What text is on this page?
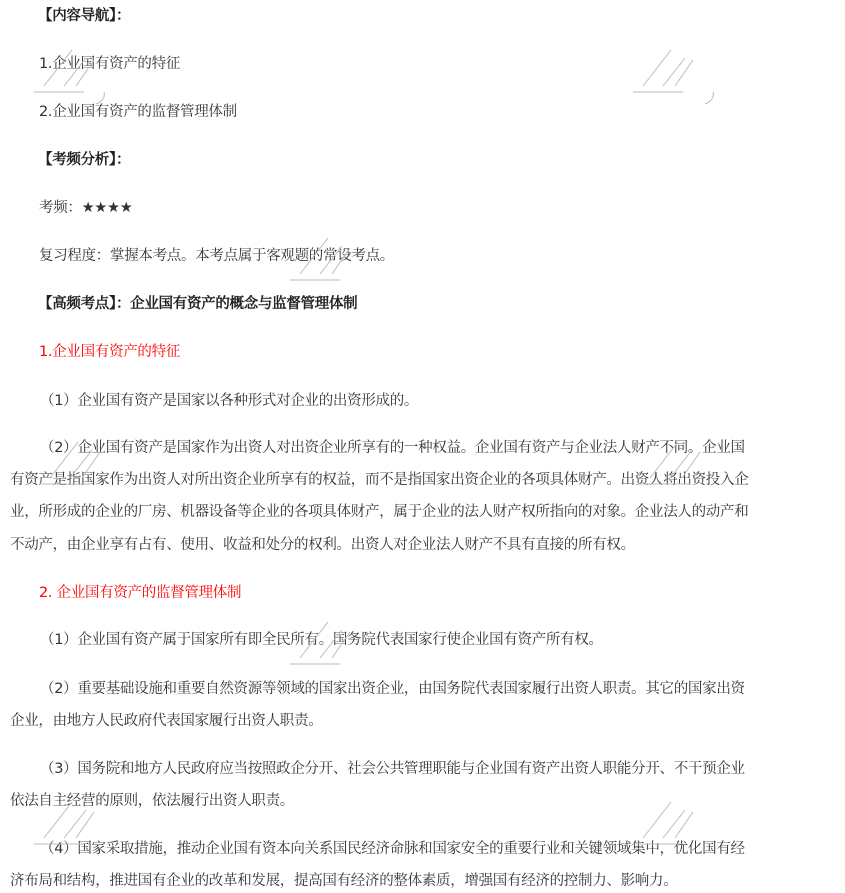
【内容导航】：
1.企业国有资产的特征
2.企业国有资产的监督管理体制
【考频分析】：
考频：★★★★
复习程度：掌握本考点。本考点属于客观题的常设考点。
【高频考点】：企业国有资产的概念与监督管理体制
1.企业国有资产的特征
（1）企业国有资产是国家以各种形式对企业的出资形成的。
（2）企业国有资产是国家作为出资人对出资企业所享有的一种权益。企业国有资产与企业法人财产不同。企业国
有资产是指国家作为出资人对所出资企业所享有的权益，而不是指国家出资企业的各项具体财产。出资人将出资投入企
业，所形成的企业的厂房、机器设备等企业的各项具体财产，属于企业的法人财产权所指向的对象。企业法人的动产和
不动产，由企业享有占有、使用、收益和处分的权利。出资人对企业法人财产不具有直接的所有权。
2. 企业国有资产的监督管理体制
（1）企业国有资产属于国家所有即全民所有。国务院代表国家行使企业国有资产所有权。
（2）重要基础设施和重要自然资源等领域的国家出资企业，由国务院代表国家履行出资人职责。其它的国家出资
企业，由地方人民政府代表国家履行出资人职责。
（3）国务院和地方人民政府应当按照政企分开、社会公共管理职能与企业国有资产出资人职能分开、不干预企业
依法自主经营的原则，依法履行出资人职责。
（4）国家采取措施，推动企业国有资本向关系国民经济命脉和国家安全的重要行业和关键领域集中，优化国有经
济布局和结构，推进国有企业的改革和发展，提高国有经济的整体素质，增强国有经济的控制力、影响力。
